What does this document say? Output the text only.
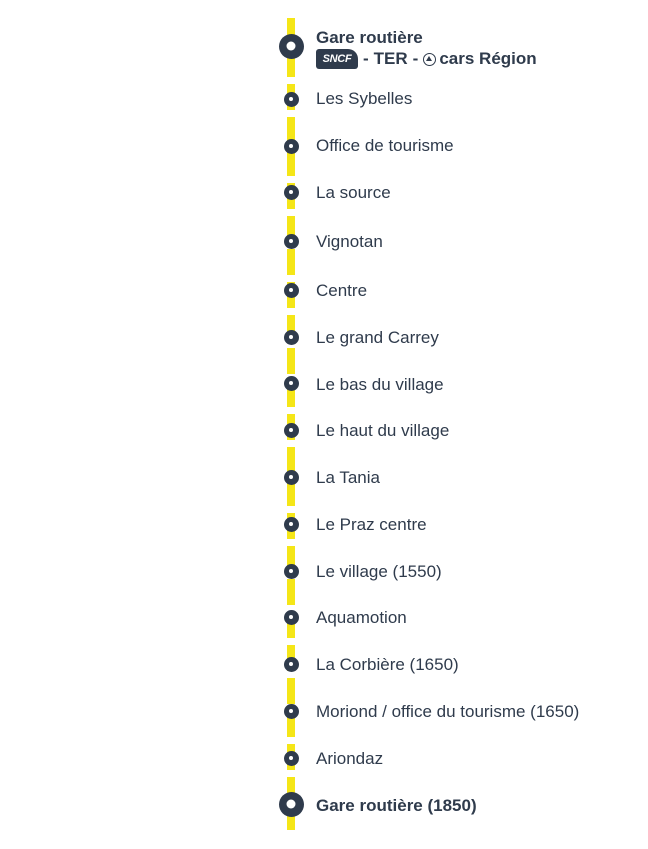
Gare routière
Les Sybelles
Office de tourisme
La source
Vignotan
Centre
Le grand Carrey
Le bas du village
Le haut du village
La Tania
Le Praz centre
Le village (1550)
Aquamotion
La Corbière (1650)
Moriond / office du tourisme (1650)
Ariondaz
Gare routière (1850)
SNCF - TER - cars Région
